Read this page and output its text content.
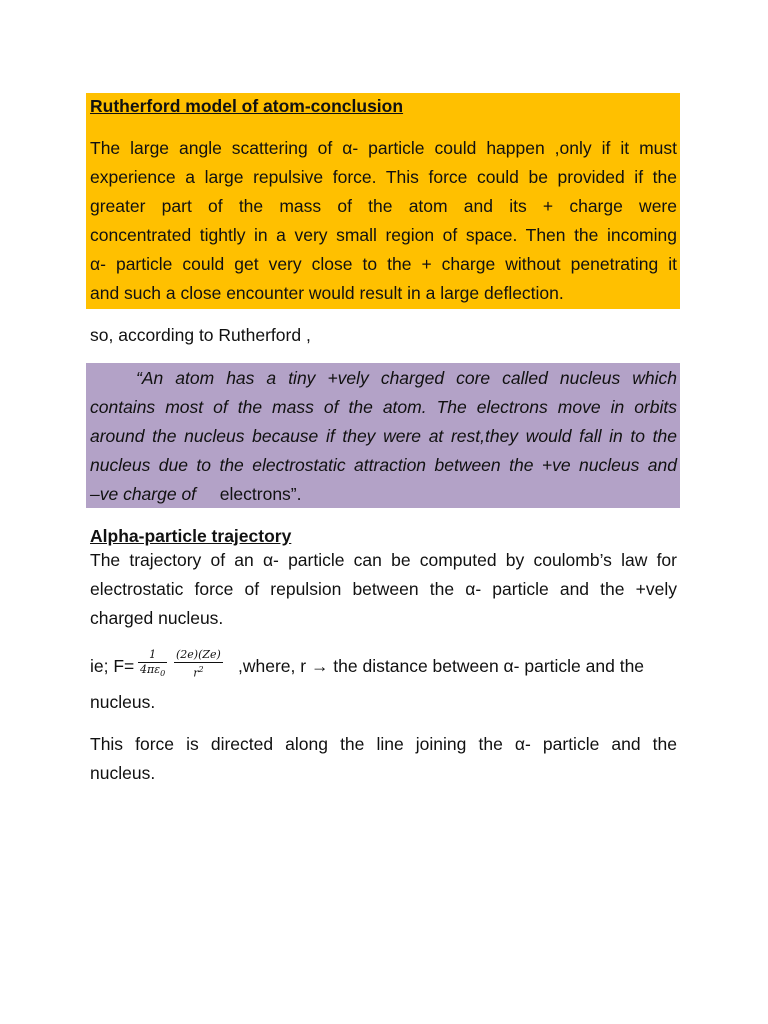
Rutherford model of atom-conclusion
The large angle scattering of α- particle could happen ,only if it must
experience a large repulsive force. This force could be provided if the
greater part of the mass of the atom and its + charge were
concentrated tightly in a very small region of space. Then the incoming
α- particle could get very close to the + charge without penetrating it
and such a close encounter would result in a large deflection.
so, according to Rutherford ,
“An atom has a tiny +vely charged core called nucleus which
contains most of the mass of the atom. The electrons move in orbits
around the nucleus because if they were at rest,they would fall in to the
nucleus due to the electrostatic attraction between the +ve nucleus and
–ve charge of electrons”.
Alpha-particle trajectory
The trajectory of an α- particle can be computed by coulomb’s law for
electrostatic force of repulsion between the α- particle and the +vely
charged nucleus.
ie; F=
1
$4\pi\varepsilon_0$
(2e)(Ze)
$r^2$ ,where, r → the distance between α- particle and the
nucleus.
This force is directed along the line joining the α- particle and the
nucleus.
